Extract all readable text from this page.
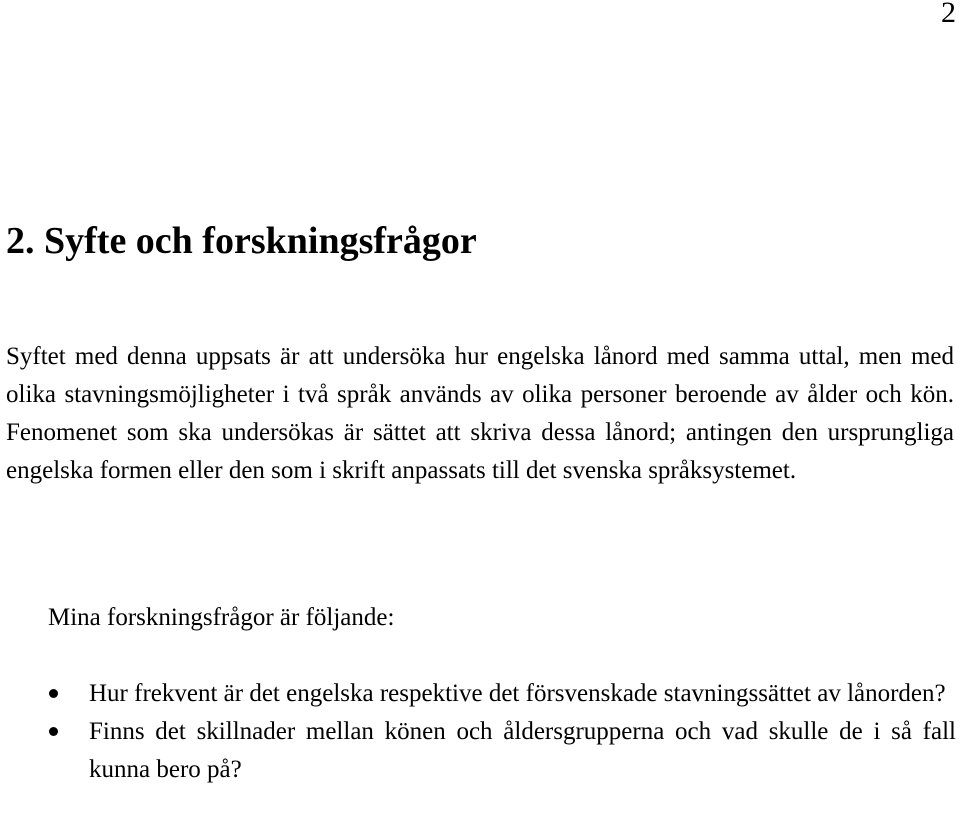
2
2. Syfte och forskningsfrågor

Syftet med denna uppsats är att undersöka hur engelska lånord med samma uttal, men med olika stavningsmöjligheter i två språk används av olika personer beroende av ålder och kön. Fenomenet som ska undersökas är sättet att skriva dessa lånord; antingen den ursprungliga engelska formen eller den som i skrift anpassats till det svenska språksystemet.

Mina forskningsfrågor är följande:

Hur frekvent är det engelska respektive det försvenskade stavningssättet av lånorden?
Finns det skillnader mellan könen och åldersgrupperna och vad skulle de i så fall kunna bero på?
